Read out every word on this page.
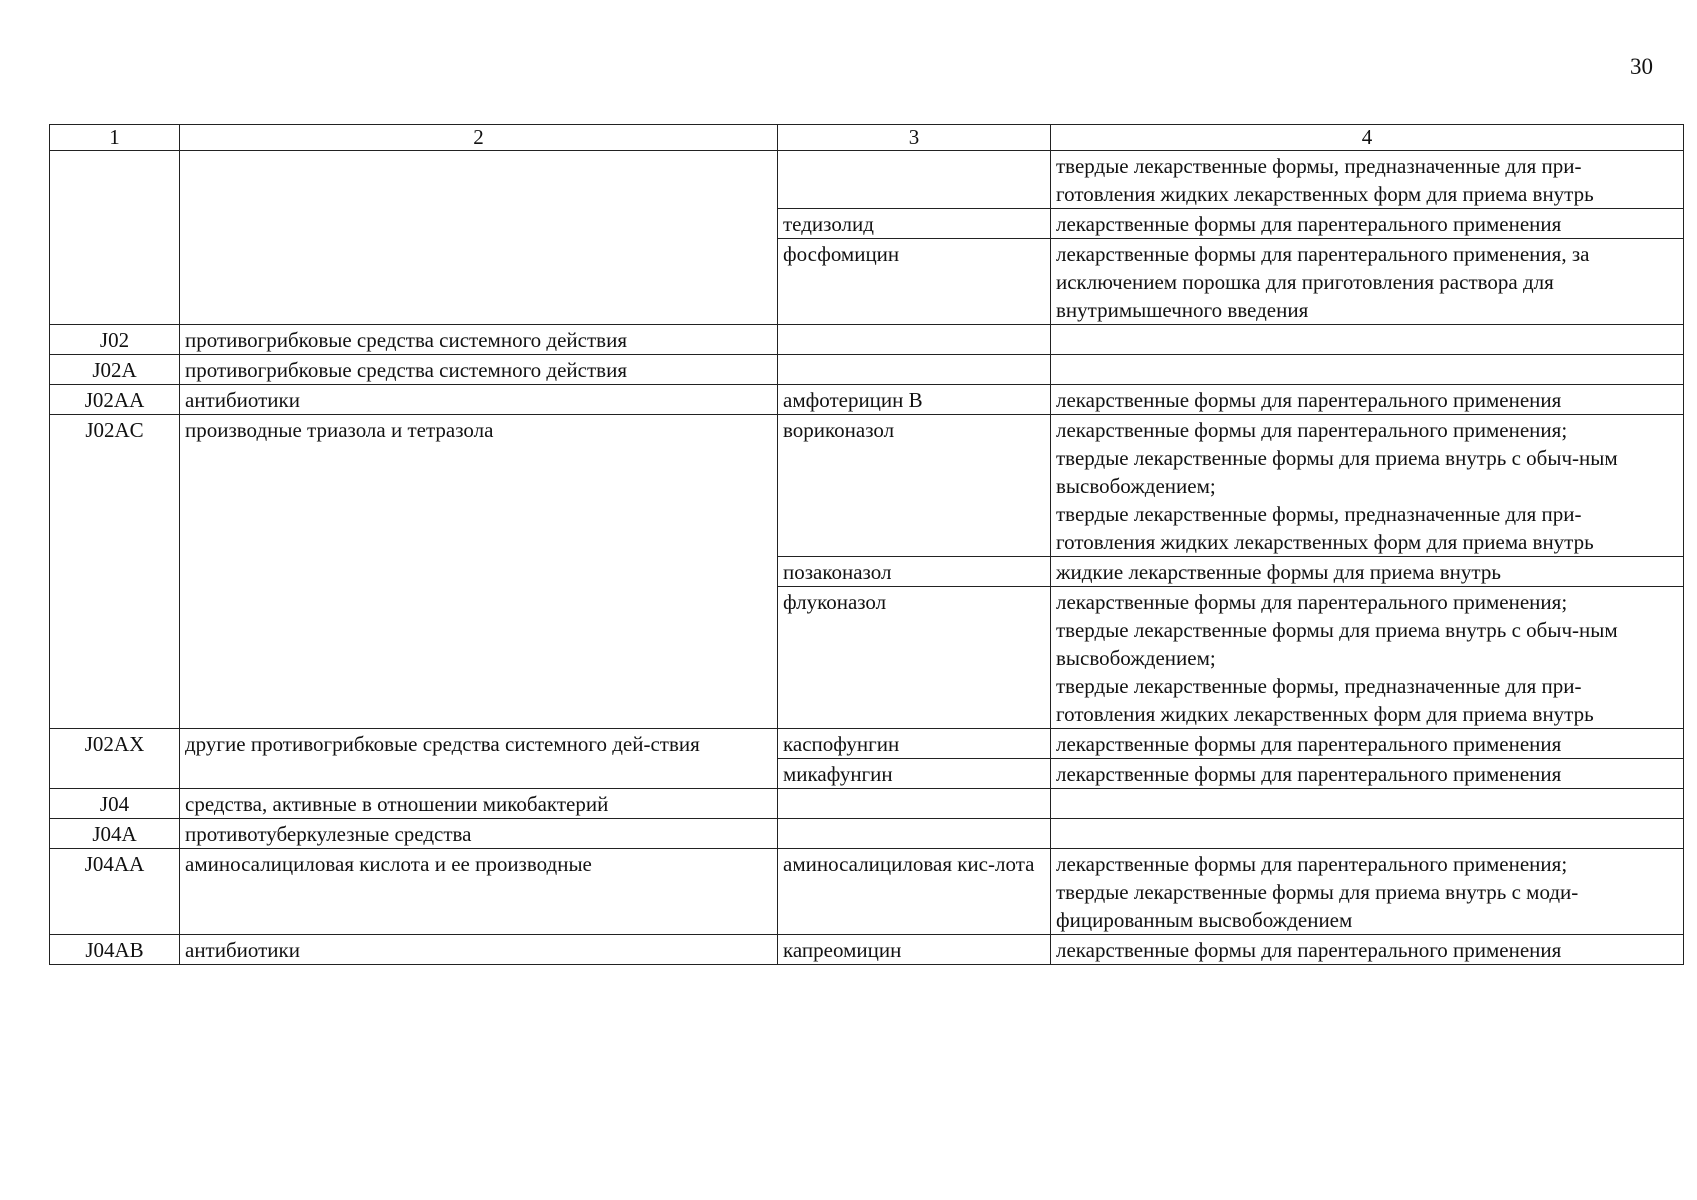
30
1	2	3	4

			твердые лекарственные формы, предназначенные для при-готовления жидких лекарственных форм для приема внутрь

		тедизолид	лекарственные формы для парентерального применения

		фосфомицин	лекарственные формы для парентерального применения, за исключением порошка для приготовления раствора для внутримышечного введения

J02	противогрибковые средства системного действия		

J02A	противогрибковые средства системного действия		

J02AA	антибиотики	амфотерицин B	лекарственные формы для парентерального применения

J02AC	производные триазола и тетразола	вориконазол	лекарственные формы для парентерального применения;
твердые лекарственные формы для приема внутрь с обыч-ным высвобождением;
твердые лекарственные формы, предназначенные для при-готовления жидких лекарственных форм для приема внутрь

		позаконазол	жидкие лекарственные формы для приема внутрь

		флуконазол	лекарственные формы для парентерального применения;
твердые лекарственные формы для приема внутрь с обыч-ным высвобождением;
твердые лекарственные формы, предназначенные для при-готовления жидких лекарственных форм для приема внутрь

J02AX	другие противогрибковые средства системного дей-ствия	каспофунгин	лекарственные формы для парентерального применения

		микафунгин	лекарственные формы для парентерального применения

J04	средства, активные в отношении микобактерий		

J04A	противотуберкулезные средства		

J04AA	аминосалициловая кислота и ее производные	аминосалициловая кис-лота	лекарственные формы для парентерального применения;
твердые лекарственные формы для приема внутрь с моди-фицированным высвобождением

J04AB	антибиотики	капреомицин	лекарственные формы для парентерального применения
